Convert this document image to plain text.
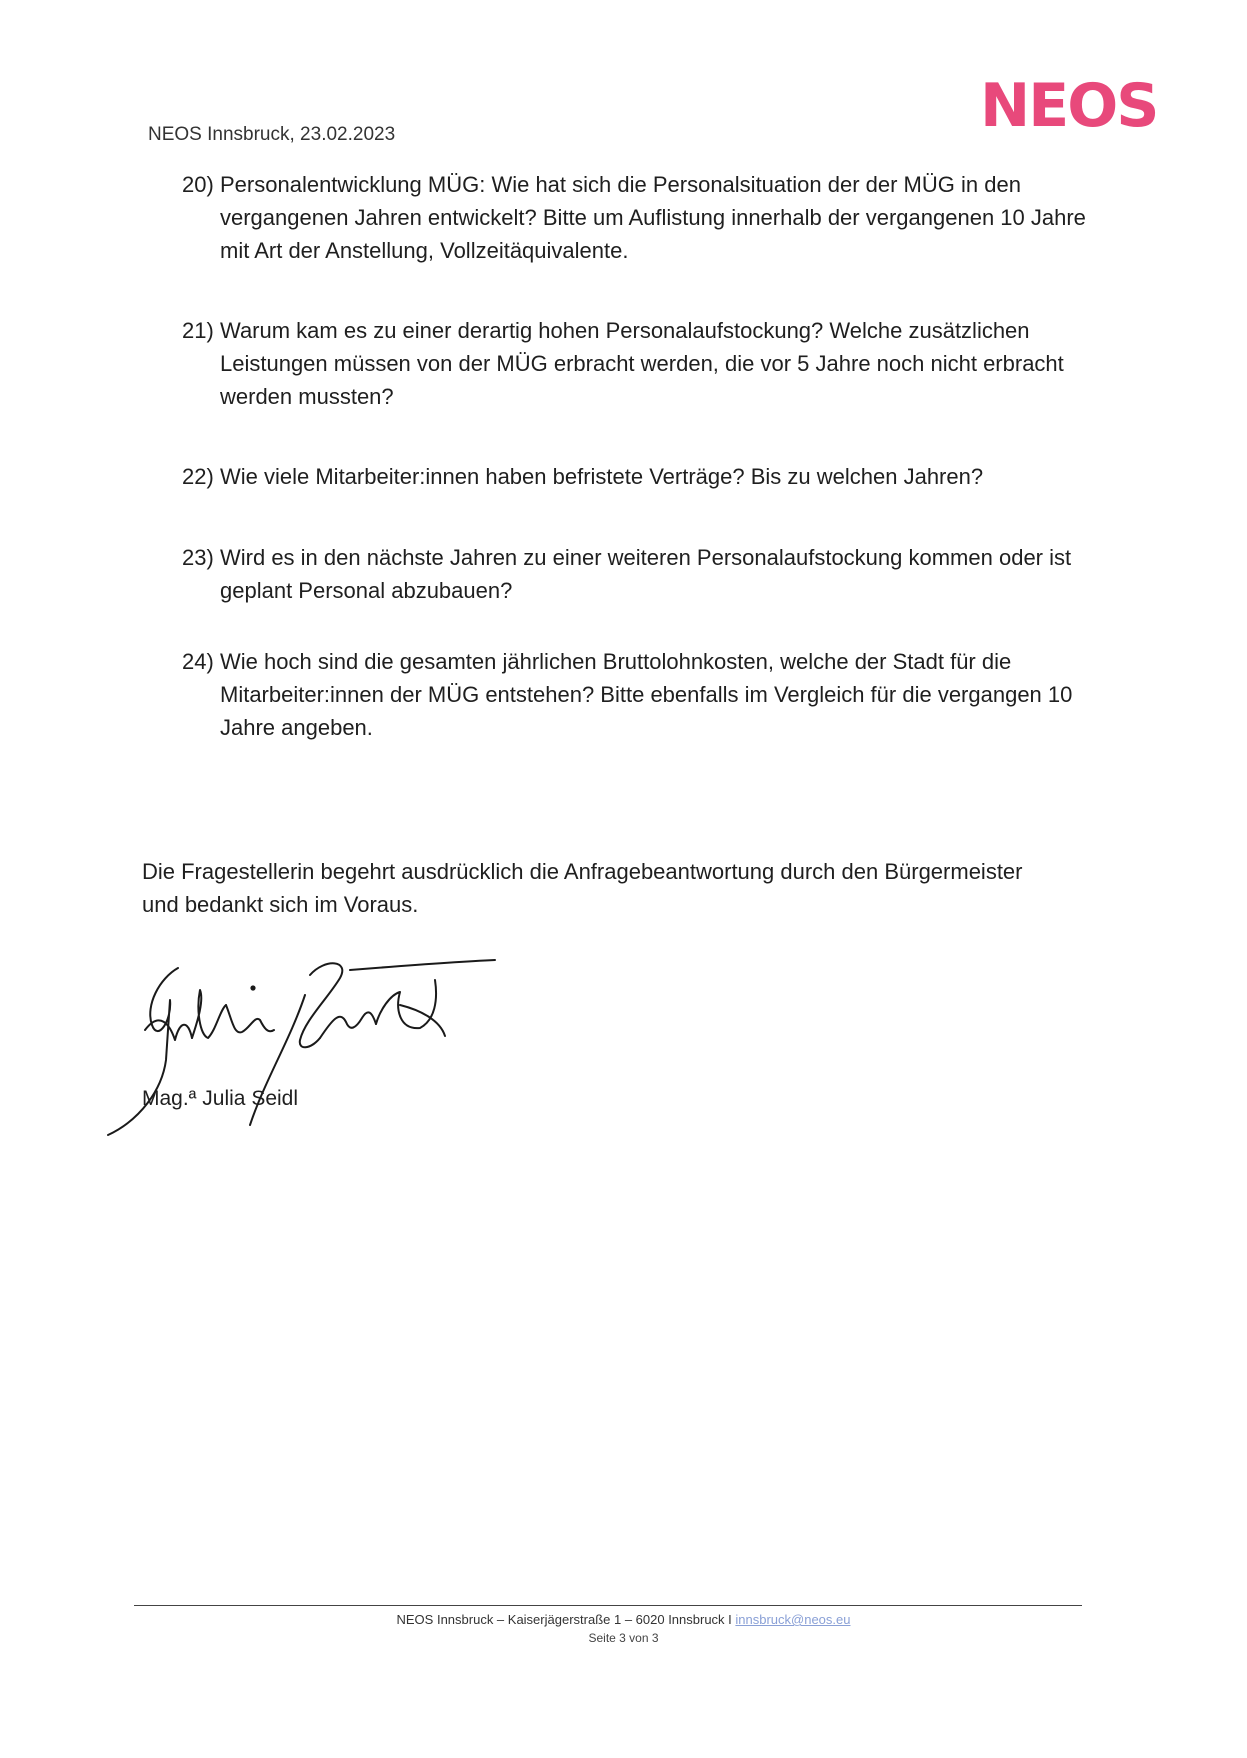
NEOS
NEOS Innsbruck, 23.02.2023
20) Personalentwicklung MÜG: Wie hat sich die Personalsituation der der MÜG in den vergangenen Jahren entwickelt? Bitte um Auflistung innerhalb der vergangenen 10 Jahre mit Art der Anstellung, Vollzeitäquivalente.
21) Warum kam es zu einer derartig hohen Personalaufstockung? Welche zusätzlichen Leistungen müssen von der MÜG erbracht werden, die vor 5 Jahre noch nicht erbracht werden mussten?
22) Wie viele Mitarbeiter:innen haben befristete Verträge? Bis zu welchen Jahren?
23) Wird es in den nächste Jahren zu einer weiteren Personalaufstockung kommen oder ist geplant Personal abzubauen?
24) Wie hoch sind die gesamten jährlichen Bruttolohnkosten, welche der Stadt für die Mitarbeiter:innen der MÜG entstehen? Bitte ebenfalls im Vergleich für die vergangen 10 Jahre angeben.
Die Fragestellerin begehrt ausdrücklich die Anfragebeantwortung durch den Bürgermeister und bedankt sich im Voraus.
Mag.ª Julia Seidl
NEOS Innsbruck – Kaiserjägerstraße 1 – 6020 Innsbruck I innsbruck@neos.eu
Seite 3 von 3
